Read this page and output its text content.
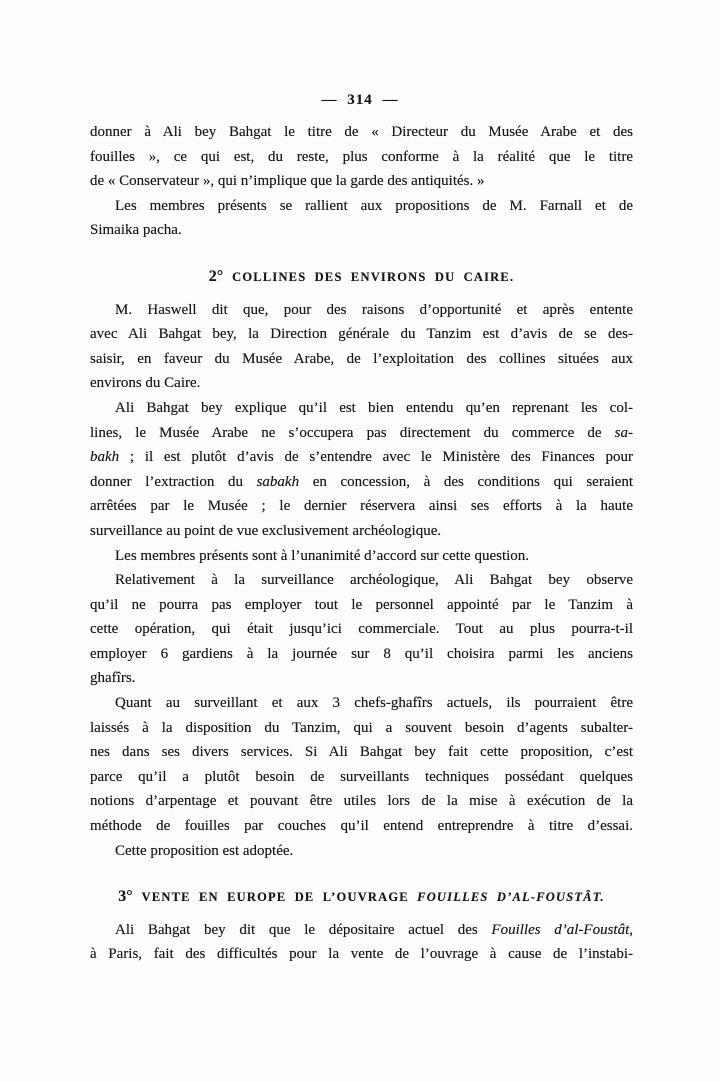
— 314 —
donner à Ali bey Bahgat le titre de « Directeur du Musée Arabe et des
fouilles », ce qui est, du reste, plus conforme à la réalité que le titre
de « Conservateur », qui n’implique que la garde des antiquités. »
Les membres présents se rallient aux propositions de M. Farnall et de
Simaika pacha.
2° COLLINES DES ENVIRONS DU CAIRE.
M. Haswell dit que, pour des raisons d’opportunité et après entente
avec Ali Bahgat bey, la Direction générale du Tanzim est d’avis de se des-
saisir, en faveur du Musée Arabe, de l’exploitation des collines situées aux
environs du Caire.
Ali Bahgat bey explique qu’il est bien entendu qu’en reprenant les col-
lines, le Musée Arabe ne s’occupera pas directement du commerce de sa-
bakh ; il est plutôt d’avis de s’entendre avec le Ministère des Finances pour
donner l’extraction du sabakh en concession, à des conditions qui seraient
arrêtées par le Musée ; le dernier réservera ainsi ses efforts à la haute
surveillance au point de vue exclusivement archéologique.
Les membres présents sont à l’unanimité d’accord sur cette question.
Relativement à la surveillance archéologique, Ali Bahgat bey observe
qu’il ne pourra pas employer tout le personnel appointé par le Tanzim à
cette opération, qui était jusqu’ici commerciale. Tout au plus pourra-t-il
employer 6 gardiens à la journée sur 8 qu’il choisira parmi les anciens
ghafîrs.
Quant au surveillant et aux 3 chefs-ghafîrs actuels, ils pourraient être
laissés à la disposition du Tanzim, qui a souvent besoin d’agents subalter-
nes dans ses divers services. Si Ali Bahgat bey fait cette proposition, c’est
parce qu’il a plutôt besoin de surveillants techniques possédant quelques
notions d’arpentage et pouvant être utiles lors de la mise à exécution de la
méthode de fouilles par couches qu’il entend entreprendre à titre d’essai.
Cette proposition est adoptée.
3° VENTE EN EUROPE DE L’OUVRAGE FOUILLES D’AL-FOUSTÂT.
Ali Bahgat bey dit que le dépositaire actuel des Fouilles d’al-Foustât,
à Paris, fait des difficultés pour la vente de l’ouvrage à cause de l’instabi-
